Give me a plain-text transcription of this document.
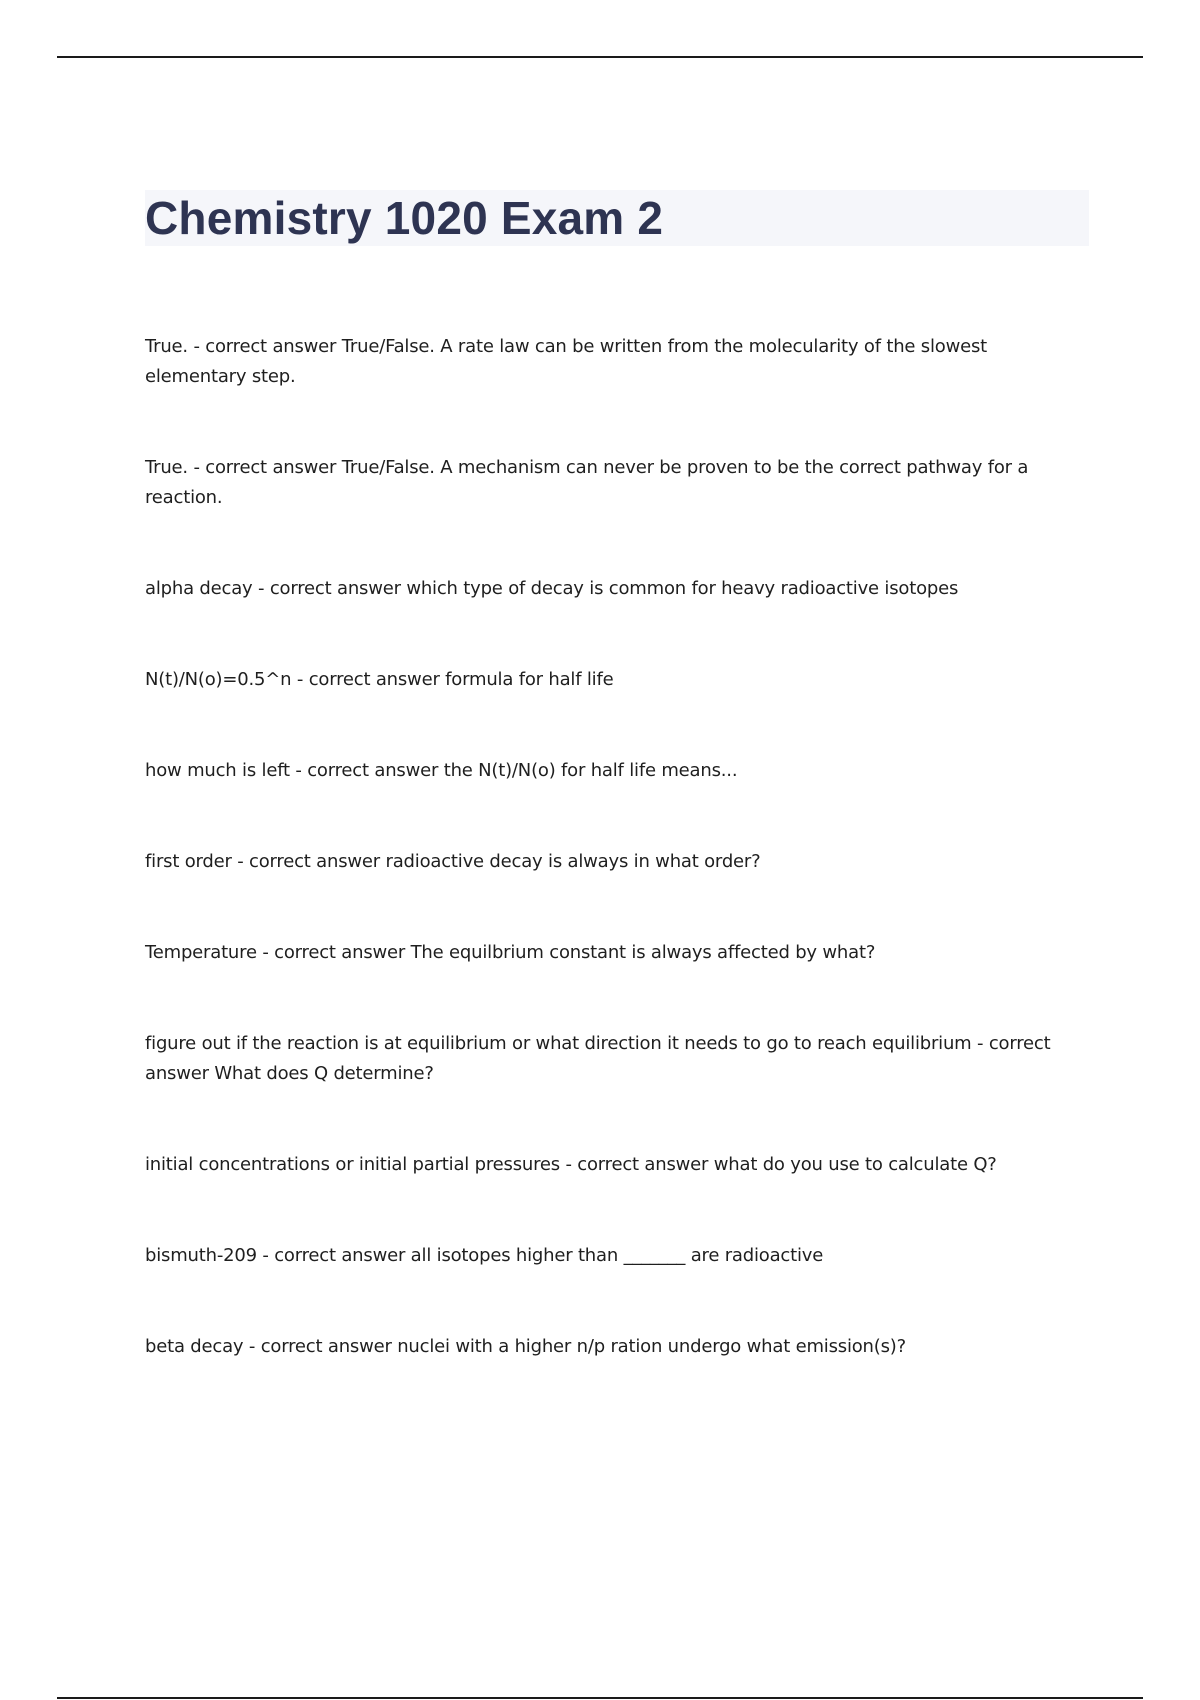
Chemistry 1020 Exam 2
True. - correct answer True/False. A rate law can be written from the molecularity of the slowest elementary step.
True. - correct answer True/False. A mechanism can never be proven to be the correct pathway for a reaction.
alpha decay - correct answer which type of decay is common for heavy radioactive isotopes
N(t)/N(o)=0.5^n - correct answer formula for half life
how much is left - correct answer the N(t)/N(o) for half life means...
first order - correct answer radioactive decay is always in what order?
Temperature - correct answer The equilbrium constant is always affected by what?
figure out if the reaction is at equilibrium or what direction it needs to go to reach equilibrium - correct answer What does Q determine?
initial concentrations or initial partial pressures - correct answer what do you use to calculate Q?
bismuth-209 - correct answer all isotopes higher than _______ are radioactive
beta decay - correct answer nuclei with a higher n/p ration undergo what emission(s)?
